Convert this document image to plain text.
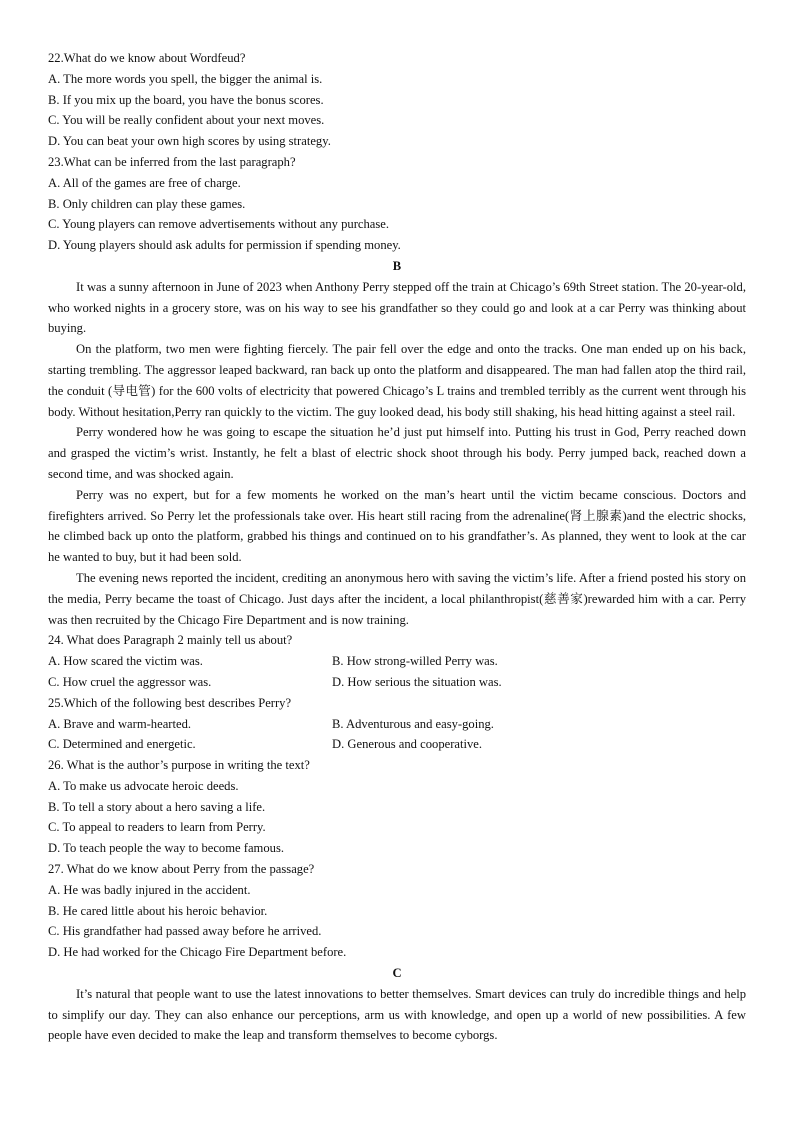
22.What do we know about Wordfeud?
A. The more words you spell, the bigger the animal is.
B. If you mix up the board, you have the bonus scores.
C. You will be really confident about your next moves.
D. You can beat your own high scores by using strategy.
23.What can be inferred from the last paragraph?
A. All of the games are free of charge.
B. Only children can play these games.
C. Young players can remove advertisements without any purchase.
D. Young players should ask adults for permission if spending money.
B
It was a sunny afternoon in June of 2023 when Anthony Perry stepped off the train at Chicago’s 69th Street station. The 20-year-old, who worked nights in a grocery store, was on his way to see his grandfather so they could go and look at a car Perry was thinking about buying.
On the platform, two men were fighting fiercely. The pair fell over the edge and onto the tracks. One man ended up on his back, starting trembling. The aggressor leaped backward, ran back up onto the platform and disappeared. The man had fallen atop the third rail, the conduit (导电管) for the 600 volts of electricity that powered Chicago’s L trains and trembled terribly as the current went through his body. Without hesitation,Perry ran quickly to the victim. The guy looked dead, his body still shaking, his head hitting against a steel rail.
Perry wondered how he was going to escape the situation he’d just put himself into. Putting his trust in God, Perry reached down and grasped the victim’s wrist. Instantly, he felt a blast of electric shock shoot through his body. Perry jumped back, reached down a second time, and was shocked again.
Perry was no expert, but for a few moments he worked on the man’s heart until the victim became conscious. Doctors and firefighters arrived. So Perry let the professionals take over. His heart still racing from the adrenaline(肾上腺素)and the electric shocks, he climbed back up onto the platform, grabbed his things and continued on to his grandfather’s. As planned, they went to look at the car he wanted to buy, but it had been sold.
The evening news reported the incident, crediting an anonymous hero with saving the victim’s life. After a friend posted his story on the media, Perry became the toast of Chicago. Just days after the incident, a local philanthropist(慈善家)rewarded him with a car. Perry was then recruited by the Chicago Fire Department and is now training.
24. What does Paragraph 2 mainly tell us about?
A. How scared the victim was.	B. How strong-willed Perry was.
C. How cruel the aggressor was.	D. How serious the situation was.
25.Which of the following best describes Perry?
A. Brave and warm-hearted.	B. Adventurous and easy-going.
C. Determined and energetic.	D. Generous and cooperative.
26. What is the author’s purpose in writing the text?
A. To make us advocate heroic deeds.
B. To tell a story about a hero saving a life.
C. To appeal to readers to learn from Perry.
D. To teach people the way to become famous.
27. What do we know about Perry from the passage?
A. He was badly injured in the accident.
B. He cared little about his heroic behavior.
C. His grandfather had passed away before he arrived.
D. He had worked for the Chicago Fire Department before.
C
It’s natural that people want to use the latest innovations to better themselves. Smart devices can truly do incredible things and help to simplify our day. They can also enhance our perceptions, arm us with knowledge, and open up a world of new possibilities. A few people have even decided to make the leap and transform themselves to become cyborgs.
